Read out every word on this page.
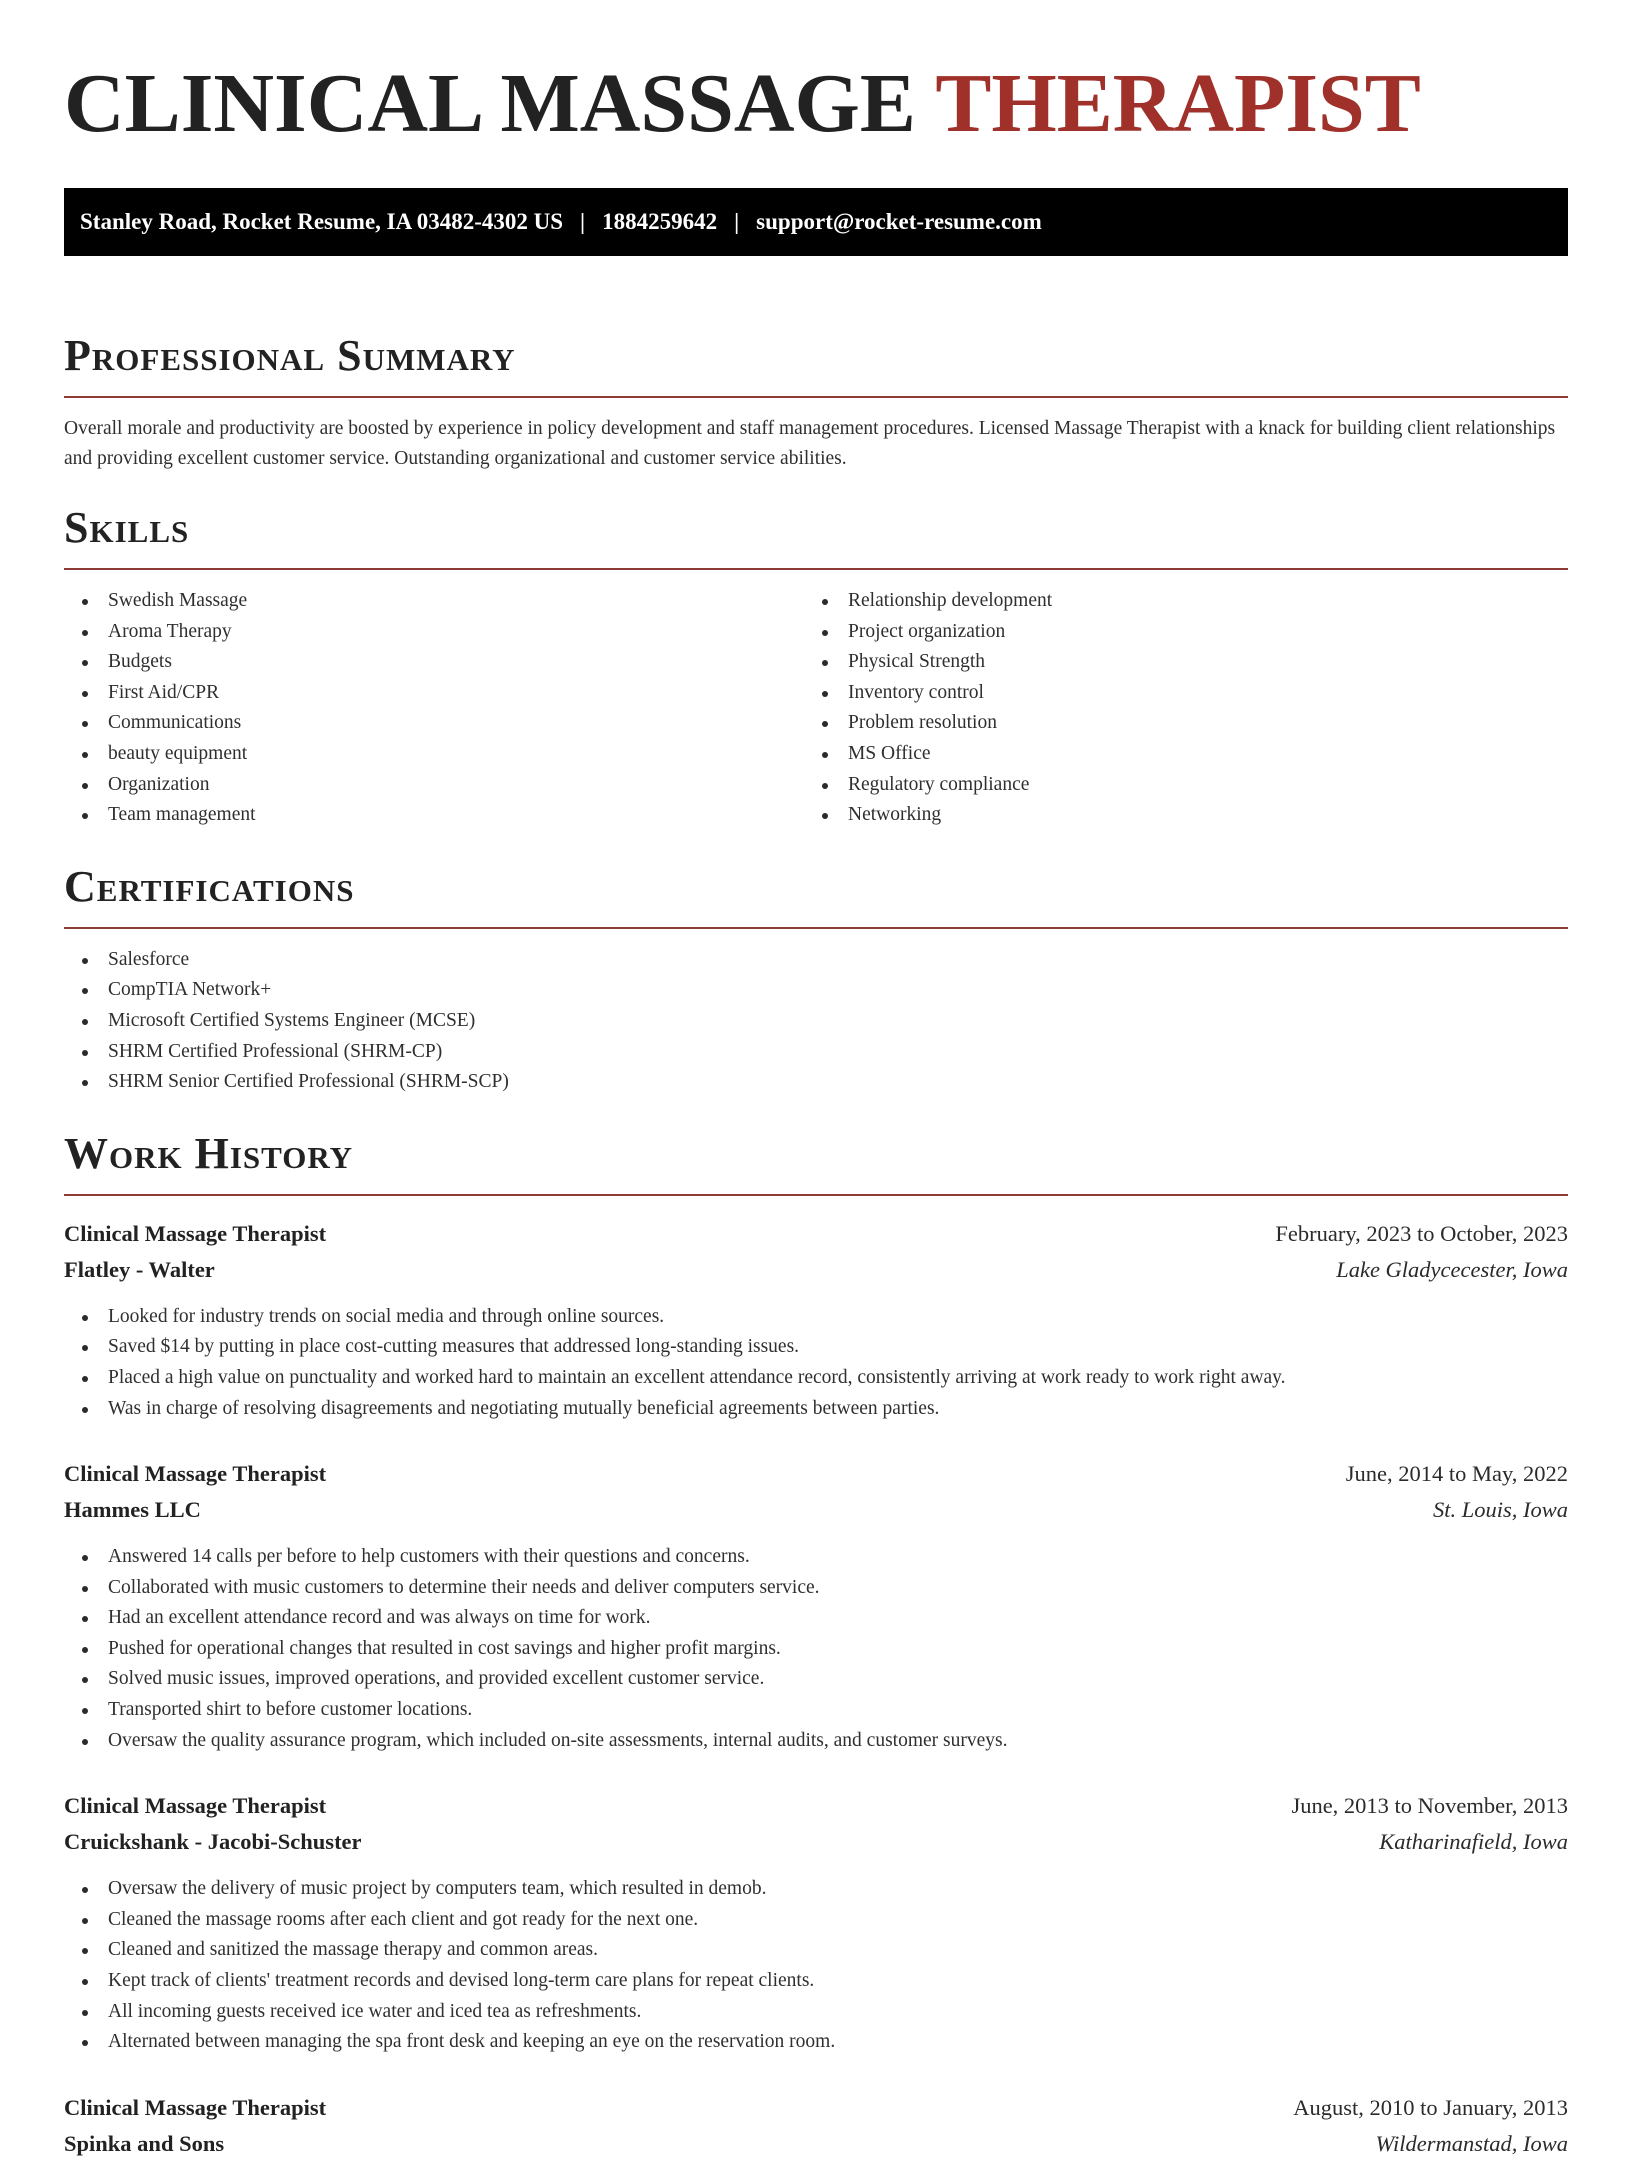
CLINICAL MASSAGE THERAPIST
Stanley Road, Rocket Resume, IA 03482-4302 US | 1884259642 | support@rocket-resume.com
Professional Summary

Overall morale and productivity are boosted by experience in policy development and staff management procedures. Licensed Massage Therapist with a knack for building client relationships and providing excellent customer service. Outstanding organizational and customer service abilities.

Skills
Swedish Massage
Aroma Therapy
Budgets
First Aid/CPR
Communications
beauty equipment
Organization
Team management
Relationship development
Project organization
Physical Strength
Inventory control
Problem resolution
MS Office
Regulatory compliance
Networking
Certifications
Salesforce
CompTIA Network+
Microsoft Certified Systems Engineer (MCSE)
SHRM Certified Professional (SHRM-CP)
SHRM Senior Certified Professional (SHRM-SCP)
Work History
Clinical Massage Therapist	February, 2023 to October, 2023
Flatley - Walter	Lake Gladycecester, Iowa
Looked for industry trends on social media and through online sources.
Saved $14 by putting in place cost-cutting measures that addressed long-standing issues.
Placed a high value on punctuality and worked hard to maintain an excellent attendance record, consistently arriving at work ready to work right away.
Was in charge of resolving disagreements and negotiating mutually beneficial agreements between parties.
Clinical Massage Therapist	June, 2014 to May, 2022
Hammes LLC	St. Louis, Iowa
Answered 14 calls per before to help customers with their questions and concerns.
Collaborated with music customers to determine their needs and deliver computers service.
Had an excellent attendance record and was always on time for work.
Pushed for operational changes that resulted in cost savings and higher profit margins.
Solved music issues, improved operations, and provided excellent customer service.
Transported shirt to before customer locations.
Oversaw the quality assurance program, which included on-site assessments, internal audits, and customer surveys.
Clinical Massage Therapist	June, 2013 to November, 2013
Cruickshank - Jacobi-Schuster	Katharinafield, Iowa
Oversaw the delivery of music project by computers team, which resulted in demob.
Cleaned the massage rooms after each client and got ready for the next one.
Cleaned and sanitized the massage therapy and common areas.
Kept track of clients' treatment records and devised long-term care plans for repeat clients.
All incoming guests received ice water and iced tea as refreshments.
Alternated between managing the spa front desk and keeping an eye on the reservation room.
Clinical Massage Therapist	August, 2010 to January, 2013
Spinka and Sons	Wildermanstad, Iowa
